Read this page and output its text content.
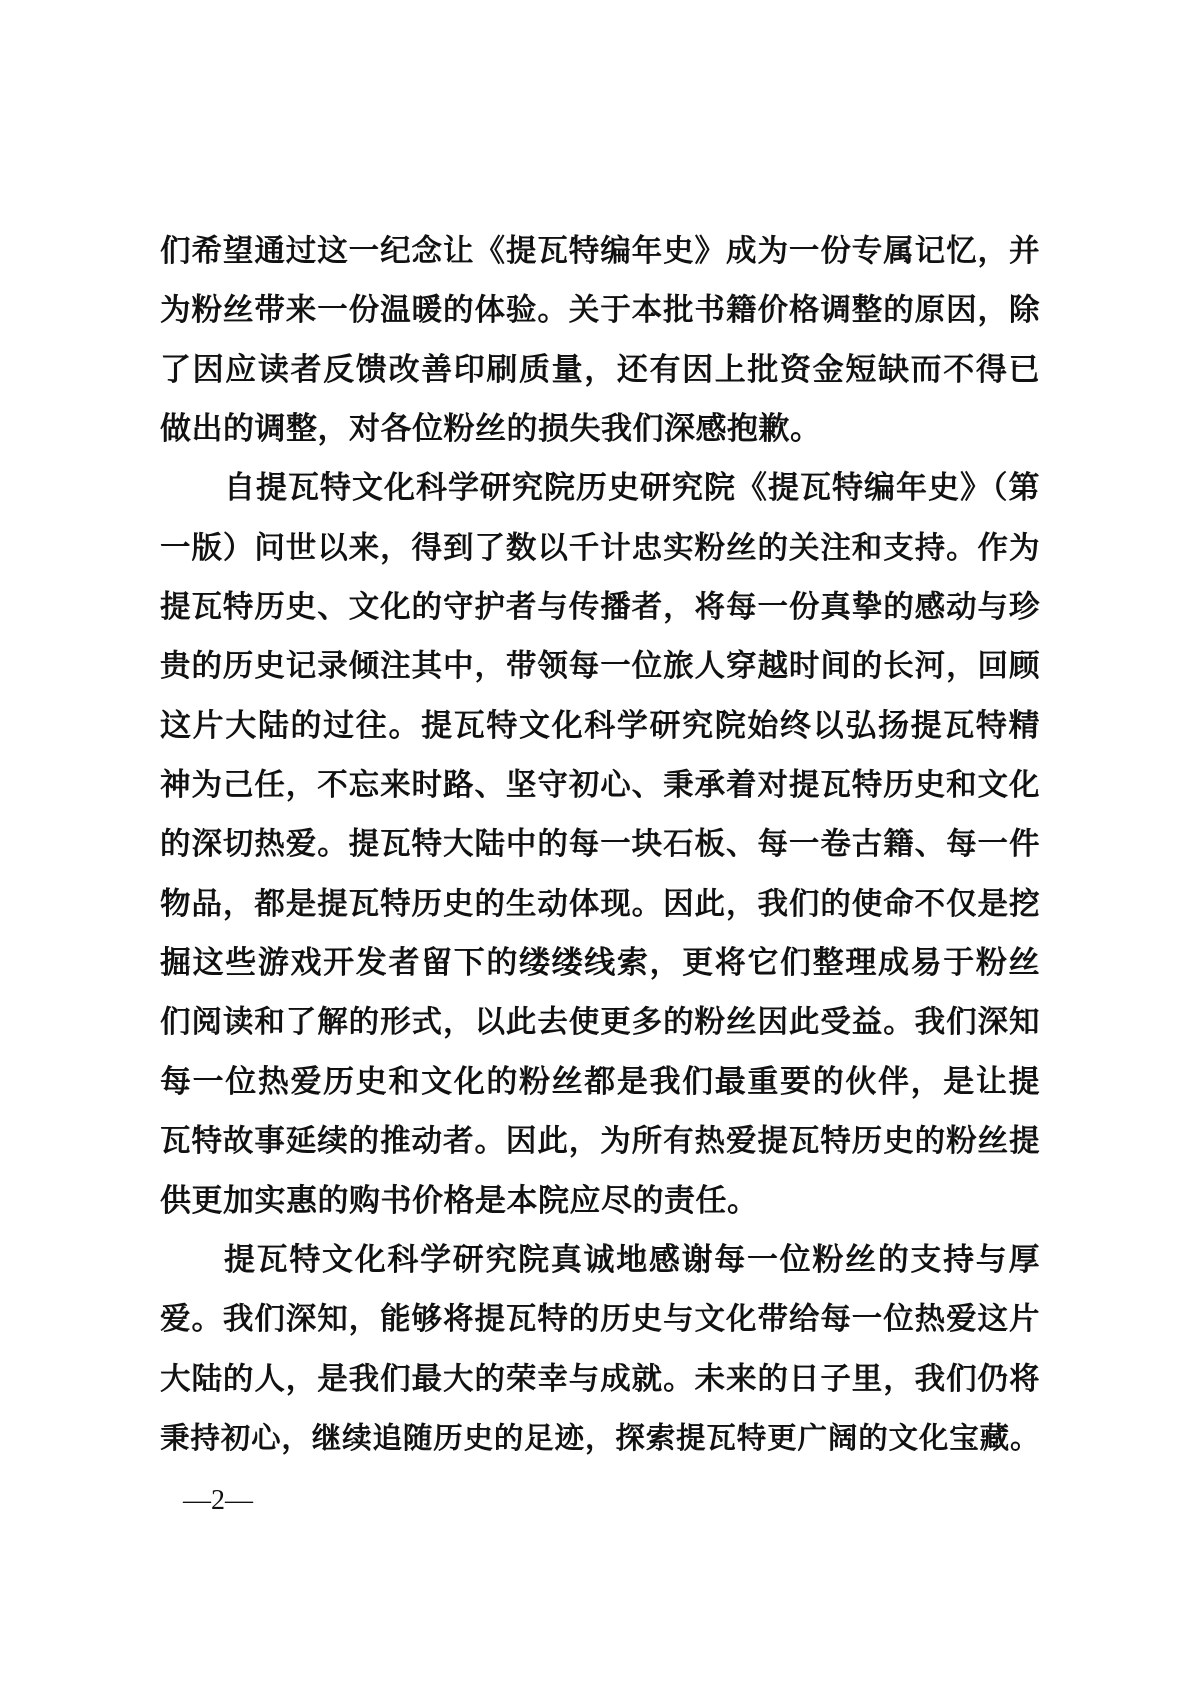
们希望通过这一纪念让《提瓦特编年史》成为一份专属记忆，并
为粉丝带来一份温暖的体验。关于本批书籍价格调整的原因，除
了因应读者反馈改善印刷质量，还有因上批资金短缺而不得已
做出的调整，对各位粉丝的损失我们深感抱歉。
自提瓦特文化科学研究院历史研究院《提瓦特编年史》（第
一版）问世以来，得到了数以千计忠实粉丝的关注和支持。作为
提瓦特历史、文化的守护者与传播者，将每一份真挚的感动与珍
贵的历史记录倾注其中，带领每一位旅人穿越时间的长河，回顾
这片大陆的过往。提瓦特文化科学研究院始终以弘扬提瓦特精
神为己任，不忘来时路、坚守初心、秉承着对提瓦特历史和文化
的深切热爱。提瓦特大陆中的每一块石板、每一卷古籍、每一件
物品，都是提瓦特历史的生动体现。因此，我们的使命不仅是挖
掘这些游戏开发者留下的缕缕线索，更将它们整理成易于粉丝
们阅读和了解的形式，以此去使更多的粉丝因此受益。我们深知
每一位热爱历史和文化的粉丝都是我们最重要的伙伴，是让提
瓦特故事延续的推动者。因此，为所有热爱提瓦特历史的粉丝提
供更加实惠的购书价格是本院应尽的责任。
提瓦特文化科学研究院真诚地感谢每一位粉丝的支持与厚
爱。我们深知，能够将提瓦特的历史与文化带给每一位热爱这片
大陆的人，是我们最大的荣幸与成就。未来的日子里，我们仍将
秉持初心，继续追随历史的足迹，探索提瓦特更广阔的文化宝藏。
—2—
